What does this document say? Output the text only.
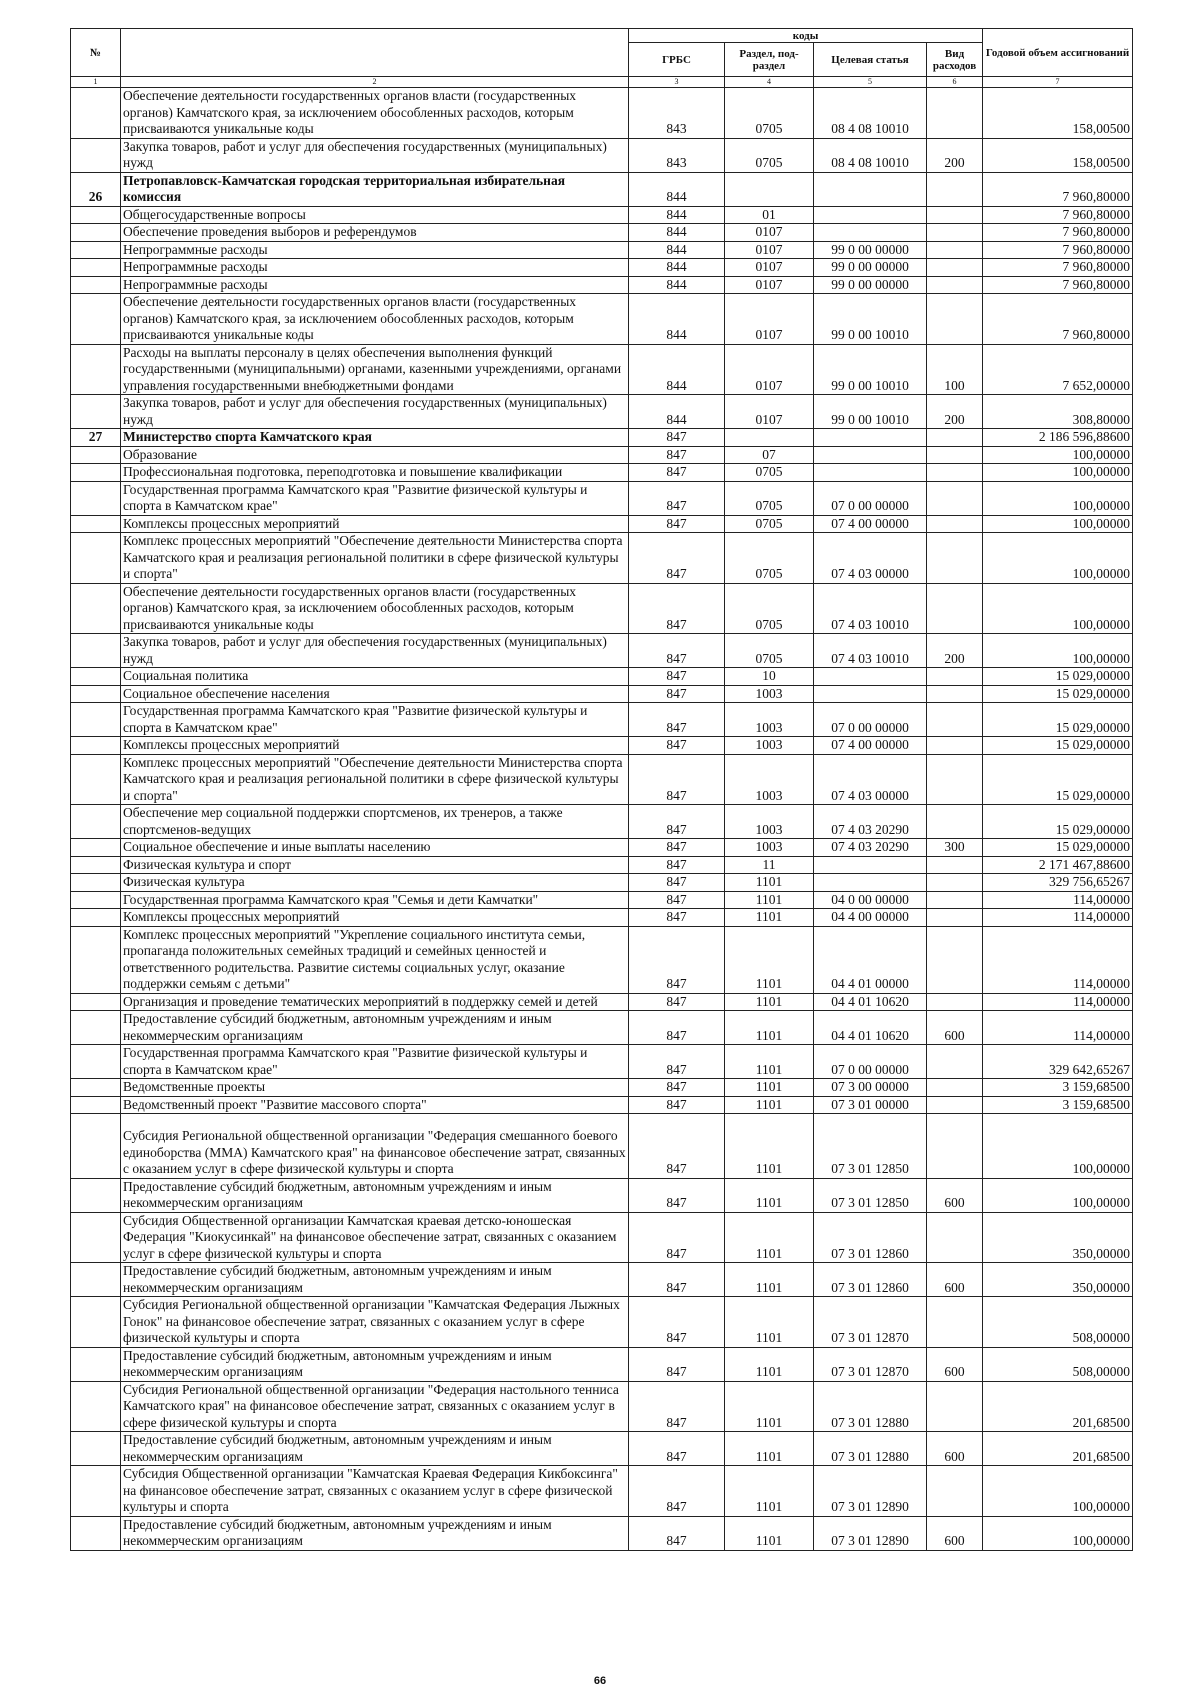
№		коды				Годовой объем ассигнований
		ГРБС	Раздел, под-раздел	Целевая статья	Вид расходов	
1	2	3	4	5	6	7
	Обеспечение деятельности государственных органов власти (государственных органов) Камчатского края, за исключением обособленных расходов, которым присваиваются уникальные коды	843	0705	08 4 08 10010		158,00500
	Закупка товаров, работ и услуг для обеспечения государственных (муниципальных) нужд	843	0705	08 4 08 10010	200	158,00500
26	Петропавловск-Камчатская городская территориальная избирательная комиссия	844				7 960,80000
	Общегосударственные вопросы	844	01			7 960,80000
	Обеспечение проведения выборов и референдумов	844	0107			7 960,80000
	Непрограммные расходы	844	0107	99 0 00 00000		7 960,80000
	Непрограммные расходы	844	0107	99 0 00 00000		7 960,80000
	Непрограммные расходы	844	0107	99 0 00 00000		7 960,80000
	Обеспечение деятельности государственных органов власти (государственных органов) Камчатского края, за исключением обособленных расходов, которым присваиваются уникальные коды	844	0107	99 0 00 10010		7 960,80000
	Расходы на выплаты персоналу в целях обеспечения выполнения функций государственными (муниципальными) органами, казенными учреждениями, органами управления государственными внебюджетными фондами	844	0107	99 0 00 10010	100	7 652,00000
	Закупка товаров, работ и услуг для обеспечения государственных (муниципальных) нужд	844	0107	99 0 00 10010	200	308,80000
27	Министерство спорта Камчатского края	847				2 186 596,88600
	Образование	847	07			100,00000
	Профессиональная подготовка, переподготовка и повышение квалификации	847	0705			100,00000
	Государственная программа Камчатского края "Развитие физической культуры и спорта в Камчатском крае"	847	0705	07 0 00 00000		100,00000
	Комплексы процессных мероприятий	847	0705	07 4 00 00000		100,00000
	Комплекс процессных мероприятий "Обеспечение деятельности Министерства спорта Камчатского края и реализация региональной политики в сфере физической культуры и спорта"	847	0705	07 4 03 00000		100,00000
	Обеспечение деятельности государственных органов власти (государственных органов) Камчатского края, за исключением обособленных расходов, которым присваиваются уникальные коды	847	0705	07 4 03 10010		100,00000
	Закупка товаров, работ и услуг для обеспечения государственных (муниципальных) нужд	847	0705	07 4 03 10010	200	100,00000
	Социальная политика	847	10			15 029,00000
	Социальное обеспечение населения	847	1003			15 029,00000
	Государственная программа Камчатского края "Развитие физической культуры и спорта в Камчатском крае"	847	1003	07 0 00 00000		15 029,00000
	Комплексы процессных мероприятий	847	1003	07 4 00 00000		15 029,00000
	Комплекс процессных мероприятий "Обеспечение деятельности Министерства спорта Камчатского края и реализация региональной политики в сфере физической культуры и спорта"	847	1003	07 4 03 00000		15 029,00000
	Обеспечение мер социальной поддержки спортсменов, их тренеров, а также спортсменов-ведущих	847	1003	07 4 03 20290		15 029,00000
	Социальное обеспечение и иные выплаты населению	847	1003	07 4 03 20290	300	15 029,00000
	Физическая культура и спорт	847	11			2 171 467,88600
	Физическая культура	847	1101			329 756,65267
	Государственная программа Камчатского края "Семья и дети Камчатки"	847	1101	04 0 00 00000		114,00000
	Комплексы процессных мероприятий	847	1101	04 4 00 00000		114,00000
	Комплекс процессных мероприятий "Укрепление социального института семьи, пропаганда положительных семейных традиций и семейных ценностей и ответственного родительства. Развитие системы социальных услуг, оказание поддержки семьям с детьми"	847	1101	04 4 01 00000		114,00000
	Организация и проведение тематических мероприятий в поддержку семей и детей	847	1101	04 4 01 10620		114,00000
	Предоставление субсидий бюджетным, автономным учреждениям и иным некоммерческим организациям	847	1101	04 4 01 10620	600	114,00000
	Государственная программа Камчатского края "Развитие физической культуры и спорта в Камчатском крае"	847	1101	07 0 00 00000		329 642,65267
	Ведомственные проекты	847	1101	07 3 00 00000		3 159,68500
	Ведомственный проект "Развитие массового спорта"	847	1101	07 3 01 00000		3 159,68500
	Субсидия Региональной общественной организации "Федерация смешанного боевого единоборства (ММА) Камчатского края" на финансовое обеспечение затрат, связанных с оказанием услуг в сфере физической культуры и спорта	847	1101	07 3 01 12850		100,00000
	Предоставление субсидий бюджетным, автономным учреждениям и иным некоммерческим организациям	847	1101	07 3 01 12850	600	100,00000
	Субсидия Общественной организации Камчатская краевая детско-юношеская Федерация "Киокусинкай" на финансовое обеспечение затрат, связанных с оказанием услуг в сфере физической культуры и спорта	847	1101	07 3 01 12860		350,00000
	Предоставление субсидий бюджетным, автономным учреждениям и иным некоммерческим организациям	847	1101	07 3 01 12860	600	350,00000
	Субсидия Региональной общественной организации "Камчатская Федерация Лыжных Гонок" на финансовое обеспечение затрат, связанных с оказанием услуг в сфере физической культуры и спорта	847	1101	07 3 01 12870		508,00000
	Предоставление субсидий бюджетным, автономным учреждениям и иным некоммерческим организациям	847	1101	07 3 01 12870	600	508,00000
	Субсидия Региональной общественной организации "Федерация настольного тенниса Камчатского края" на финансовое обеспечение затрат, связанных с оказанием услуг в сфере физической культуры и спорта	847	1101	07 3 01 12880		201,68500
	Предоставление субсидий бюджетным, автономным учреждениям и иным некоммерческим организациям	847	1101	07 3 01 12880	600	201,68500
	Субсидия Общественной организации "Камчатская Краевая Федерация Кикбоксинга" на финансовое обеспечение затрат, связанных с оказанием услуг в сфере физической культуры и спорта	847	1101	07 3 01 12890		100,00000
	Предоставление субсидий бюджетным, автономным учреждениям и иным некоммерческим организациям	847	1101	07 3 01 12890	600	100,00000
66
